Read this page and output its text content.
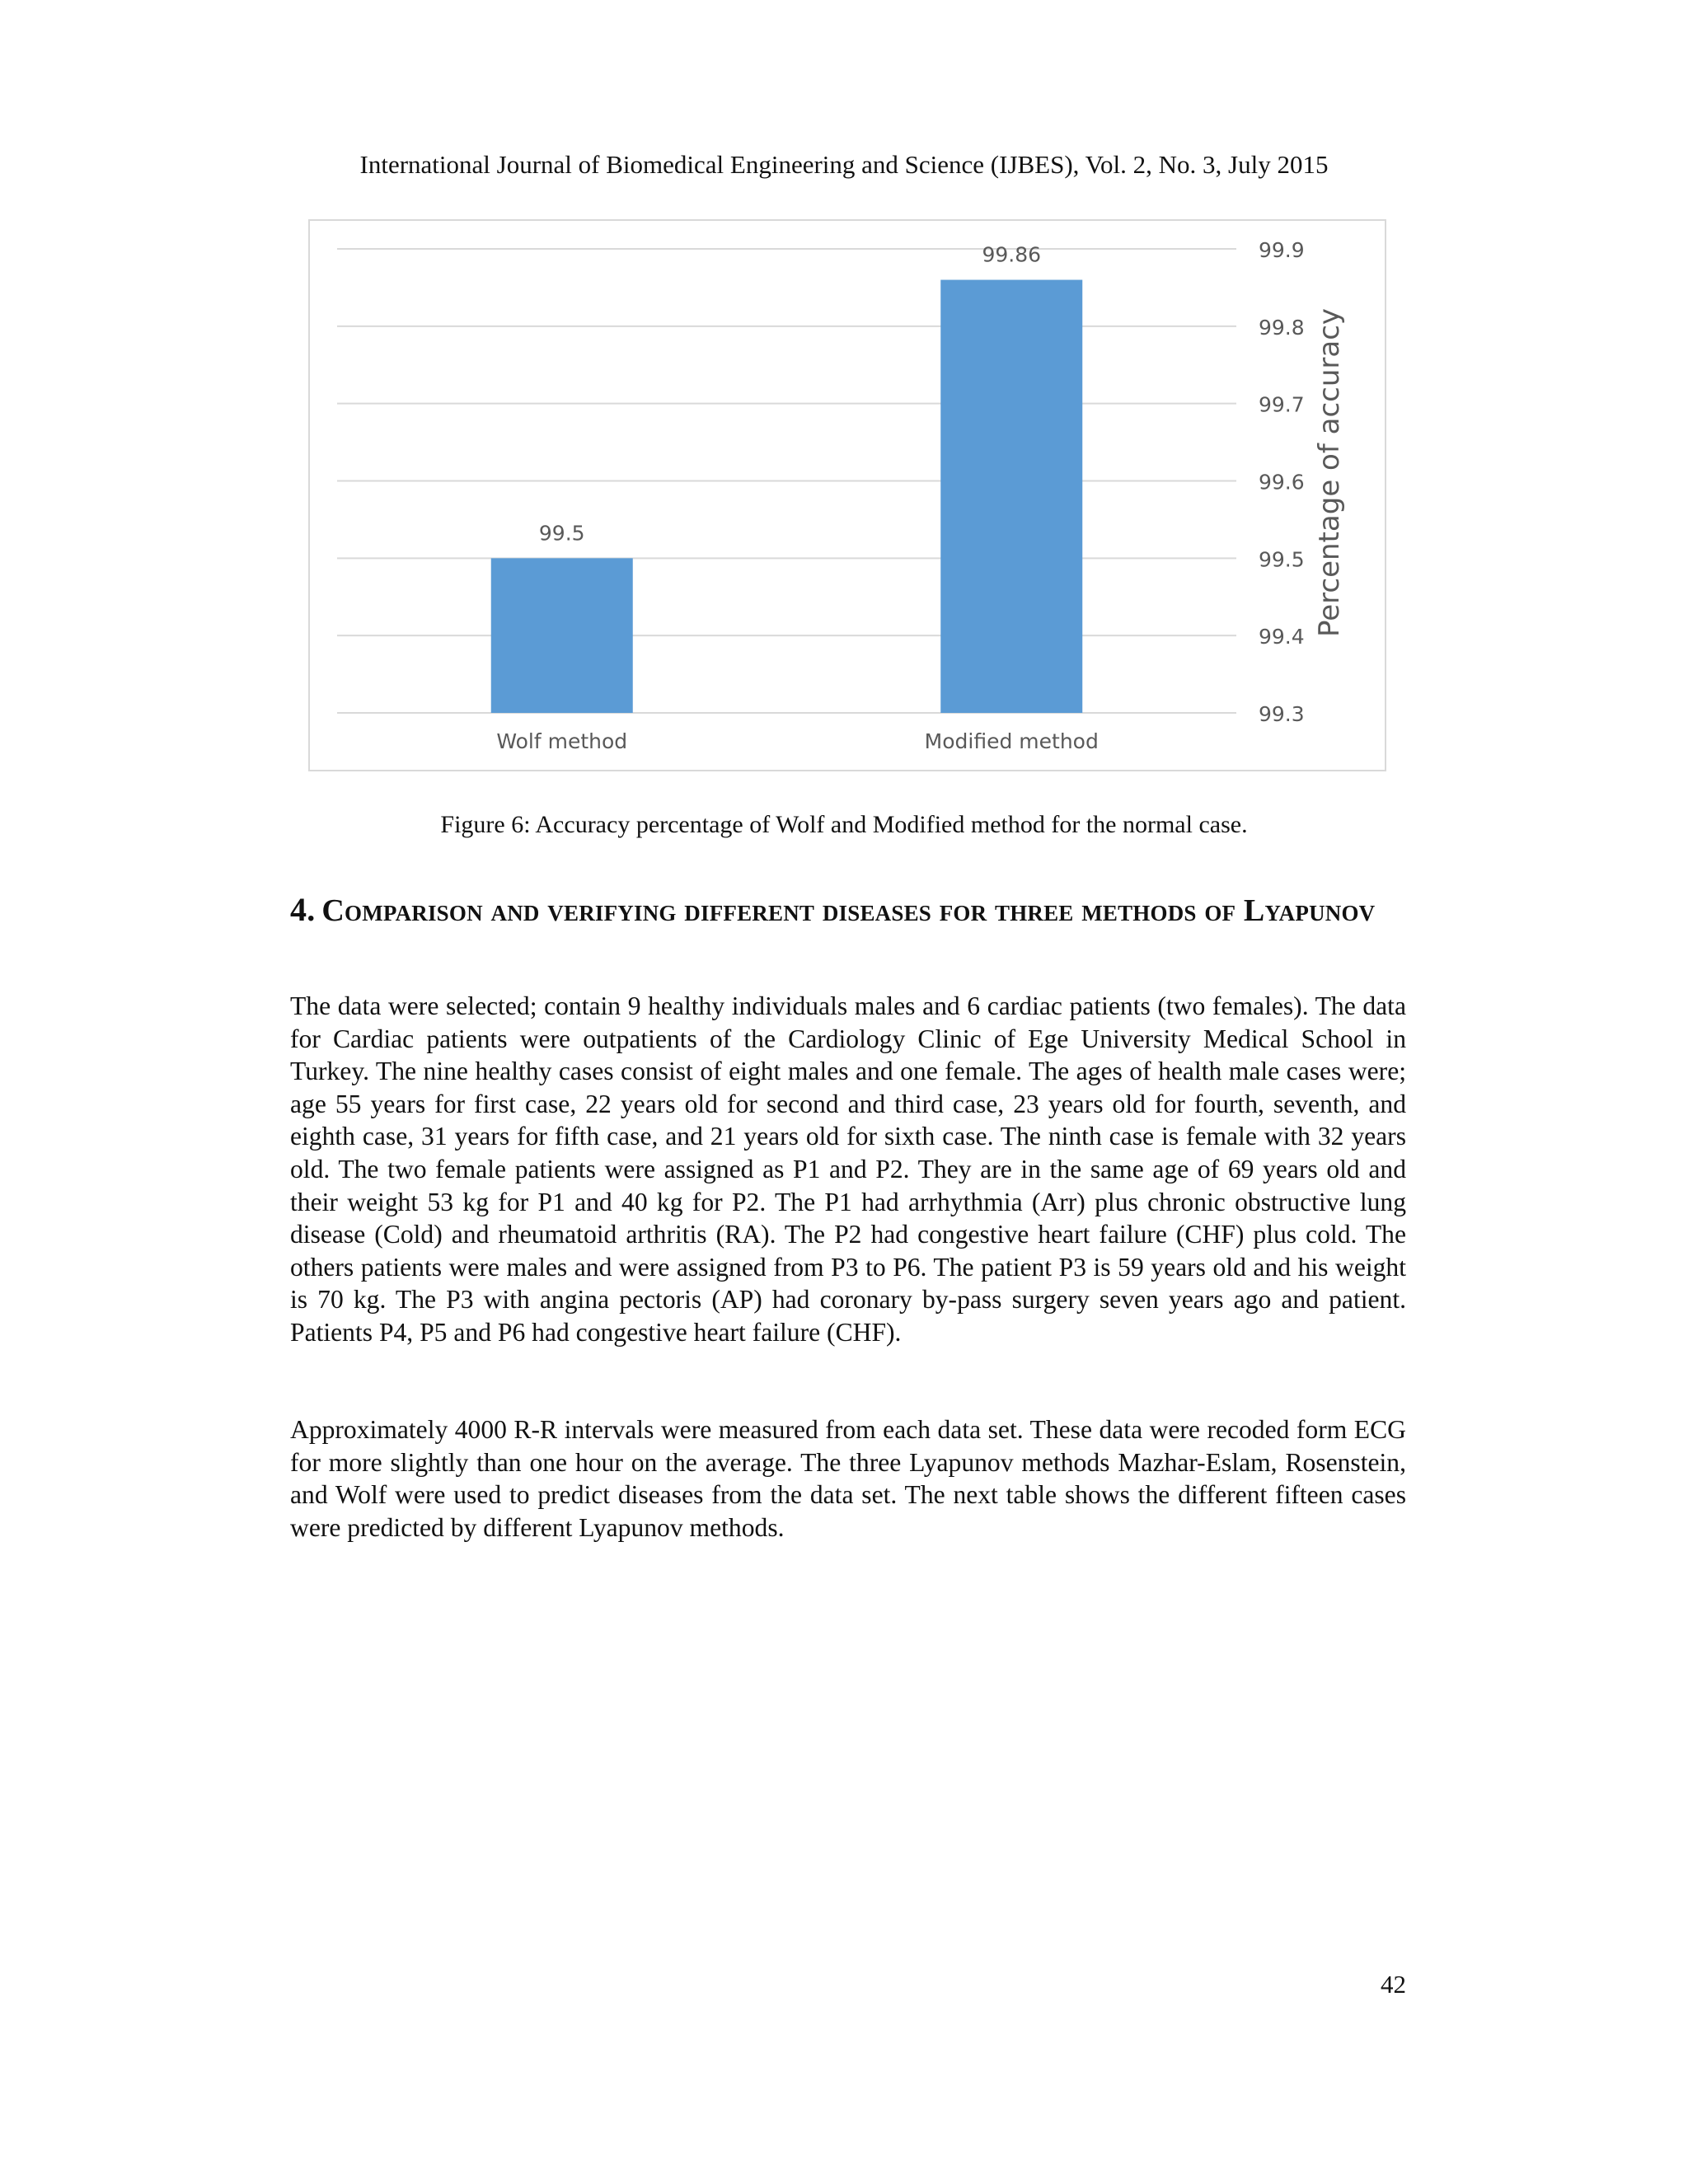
International Journal of Biomedical Engineering and Science (IJBES), Vol. 2, No. 3, July 2015
99.3
99.4
99.5
99.6
99.7
99.8
99.9
99.5
Wolf method
99.86
Modified method
Percentage of accuracy
Figure 6: Accuracy percentage of Wolf and Modified method for the normal case.
4. Comparison and verifying different diseases for three methods of Lyapunov

The data were selected; contain 9 healthy individuals males and 6 cardiac patients (two females). The data for Cardiac patients were outpatients of the Cardiology Clinic of Ege University Medical School in Turkey. The nine healthy cases consist of eight males and one female. The ages of health male cases were; age 55 years for first case, 22 years old for second and third case, 23 years old for fourth, seventh, and eighth case, 31 years for fifth case, and 21 years old for sixth case. The ninth case is female with 32 years old. The two female patients were assigned as P1 and P2. They are in the same age of 69 years old and their weight 53 kg for P1 and 40 kg for P2. The P1 had arrhythmia (Arr) plus chronic obstructive lung disease (Cold) and rheumatoid arthritis (RA). The P2 had congestive heart failure (CHF) plus cold. The others patients were males and were assigned from P3 to P6. The patient P3 is 59 years old and his weight is 70 kg. The P3 with angina pectoris (AP) had coronary by-pass surgery seven years ago and patient. Patients P4, P5 and P6 had congestive heart failure (CHF).

Approximately 4000 R-R intervals were measured from each data set. These data were recoded form ECG for more slightly than one hour on the average. The three Lyapunov methods Mazhar-Eslam, Rosenstein, and Wolf were used to predict diseases from the data set. The next table shows the different fifteen cases were predicted by different Lyapunov methods.

42
